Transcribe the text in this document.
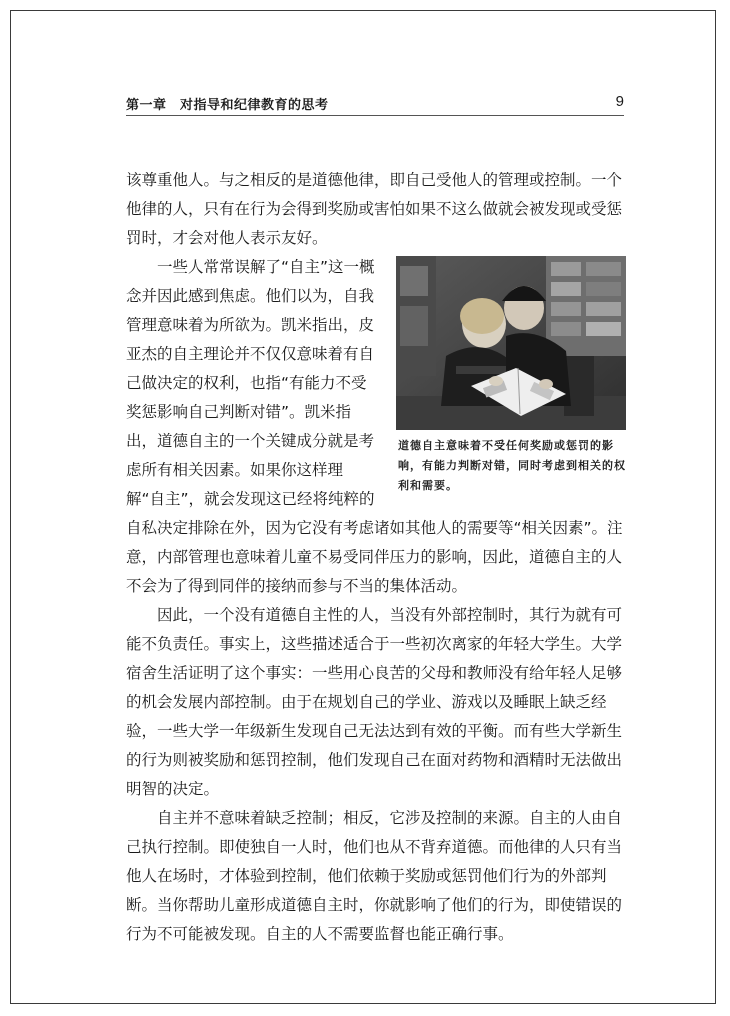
第一章　对指导和纪律教育的思考	9

该尊重他人。与之相反的是道德他律，即自己受他人的管理或控制。一个他律的人，只有在行为会得到奖励或害怕如果不这么做就会被发现或受惩罚时，才会对他人表示友好。

道德自主意味着不受任何奖励或惩罚的影响，有能力判断对错，同时考虑到相关的权利和需要。
一些人常常误解了“自主”这一概念并因此感到焦虑。他们以为，自我管理意味着为所欲为。凯米指出，皮亚杰的自主理论并不仅仅意味着有自己做决定的权利，也指“有能力不受奖惩影响自己判断对错”。凯米指出，道德自主的一个关键成分就是考虑所有相关因素。如果你这样理解“自主”，就会发现这已经将纯粹的自私决定排除在外，因为它没有考虑诸如其他人的需要等“相关因素”。注意，内部管理也意味着儿童不易受同伴压力的影响，因此，道德自主的人不会为了得到同伴的接纳而参与不当的集体活动。

因此，一个没有道德自主性的人，当没有外部控制时，其行为就有可能不负责任。事实上，这些描述适合于一些初次离家的年轻大学生。大学宿舍生活证明了这个事实：一些用心良苦的父母和教师没有给年轻人足够的机会发展内部控制。由于在规划自己的学业、游戏以及睡眠上缺乏经验，一些大学一年级新生发现自己无法达到有效的平衡。而有些大学新生的行为则被奖励和惩罚控制，他们发现自己在面对药物和酒精时无法做出明智的决定。

自主并不意味着缺乏控制；相反，它涉及控制的来源。自主的人由自己执行控制。即使独自一人时，他们也从不背弃道德。而他律的人只有当他人在场时，才体验到控制，他们依赖于奖励或惩罚他们行为的外部判断。当你帮助儿童形成道德自主时，你就影响了他们的行为，即使错误的行为不可能被发现。自主的人不需要监督也能正确行事。
